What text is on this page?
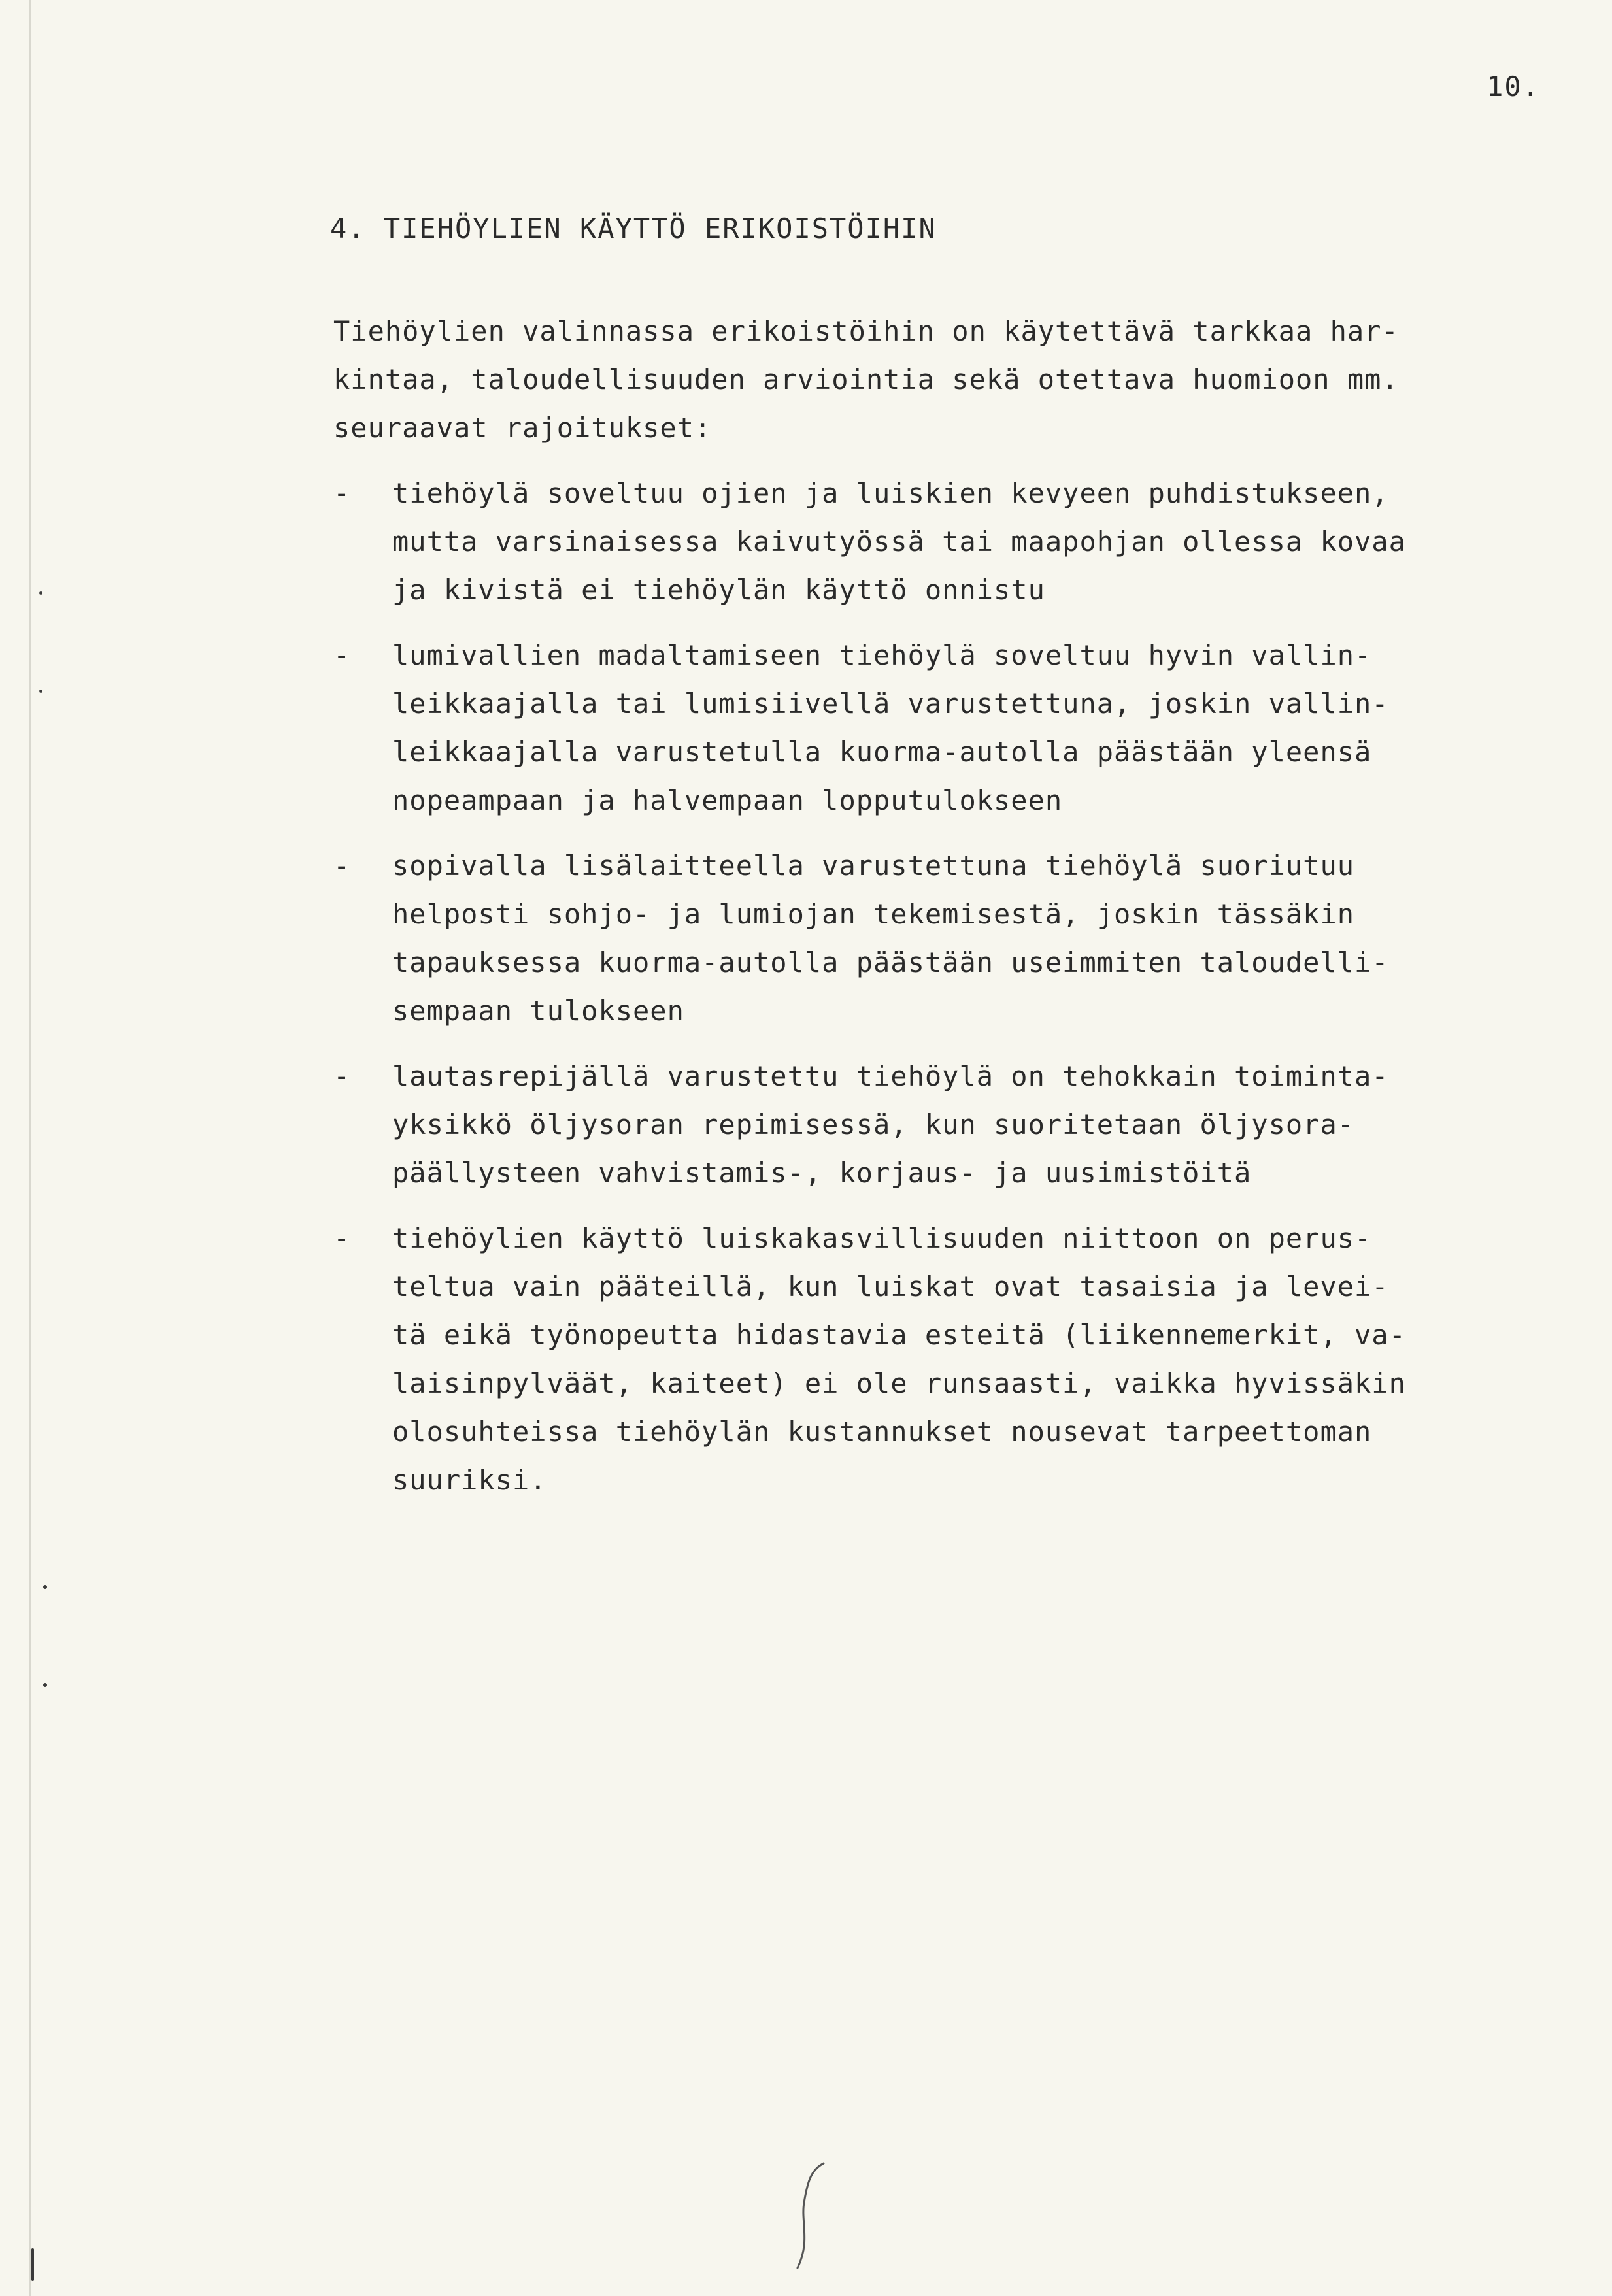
10.
4. TIEHÖYLIEN KÄYTTÖ ERIKOISTÖIHIN
Tiehöylien valinnassa erikoistöihin on käytettävä tarkkaa har-
kintaa, taloudellisuuden arviointia sekä otettava huomioon mm.
seuraavat rajoitukset:
-	tiehöylä soveltuu ojien ja luiskien kevyeen puhdistukseen,
mutta varsinaisessa kaivutyössä tai maapohjan ollessa kovaa
ja kivistä ei tiehöylän käyttö onnistu
-	lumivallien madaltamiseen tiehöylä soveltuu hyvin vallin-
leikkaajalla tai lumisiivellä varustettuna, joskin vallin-
leikkaajalla varustetulla kuorma-autolla päästään yleensä
nopeampaan ja halvempaan lopputulokseen
-	sopivalla lisälaitteella varustettuna tiehöylä suoriutuu
helposti sohjo- ja lumiojan tekemisestä, joskin tässäkin
tapauksessa kuorma-autolla päästään useimmiten taloudelli-
sempaan tulokseen
-	lautasrepijällä varustettu tiehöylä on tehokkain toiminta-
yksikkö öljysoran repimisessä, kun suoritetaan öljysora-
päällysteen vahvistamis-, korjaus- ja uusimistöitä
-	tiehöylien käyttö luiskakasvillisuuden niittoon on perus-
teltua vain pääteillä, kun luiskat ovat tasaisia ja levei-
tä eikä työnopeutta hidastavia esteitä (liikennemerkit, va-
laisinpylväät, kaiteet) ei ole runsaasti, vaikka hyvissäkin
olosuhteissa tiehöylän kustannukset nousevat tarpeettoman
suuriksi.
